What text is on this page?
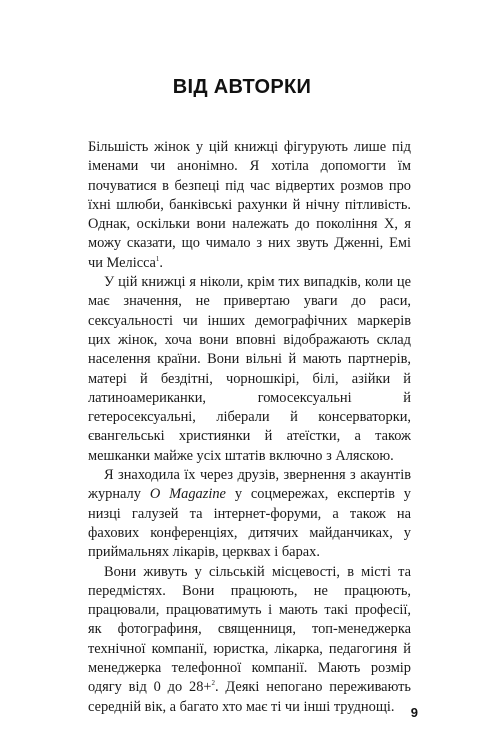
ВІД АВТОРКИ

Більшість жінок у цій книжці фігурують лише під іменами чи анонімно. Я хотіла допомогти їм почуватися в безпеці під час відвертих розмов про їхні шлюби, банківські рахунки й нічну пітливість. Однак, оскільки вони належать до покоління X, я можу сказати, що чимало з них звуть Дженні, Емі чи Меліссa$^1$.

У цій книжці я ніколи, крім тих випадків, коли це має значення, не привертаю уваги до раси, сексуальності чи інших демографічних маркерів цих жінок, хоча вони вповні відображають склад населення країни. Вони вільні й мають партнерів, матері й бездітні, чорношкірі, білі, азійки й латиноамериканки, гомосексуальні й гетеросексуальні, ліберали й консерваторки, євангельські християнки й атеїстки, а також мешканки майже усіх штатів включно з Аляскою.

Я знаходила їх через друзів, звернення з акаунтів журналу O Magazine у соцмережах, експертів у низці галузей та інтернет-форуми, а також на фахових конференціях, дитячих майданчиках, у приймальнях лікарів, церквах і барах.

Вони живуть у сільській місцевості, в місті та передмістях. Вони працюють, не працюють, працювали, працюватимуть і мають такі професії, як фотографиня, священниця, топ-менеджерка технічної компанії, юристка, лікарка, педагогиня й менеджерка телефонної компанії. Мають розмір одягу від 0 до 28+$^2$. Деякі непогано переживають середній вік, а багато хто має ті чи інші труднощі.	9
